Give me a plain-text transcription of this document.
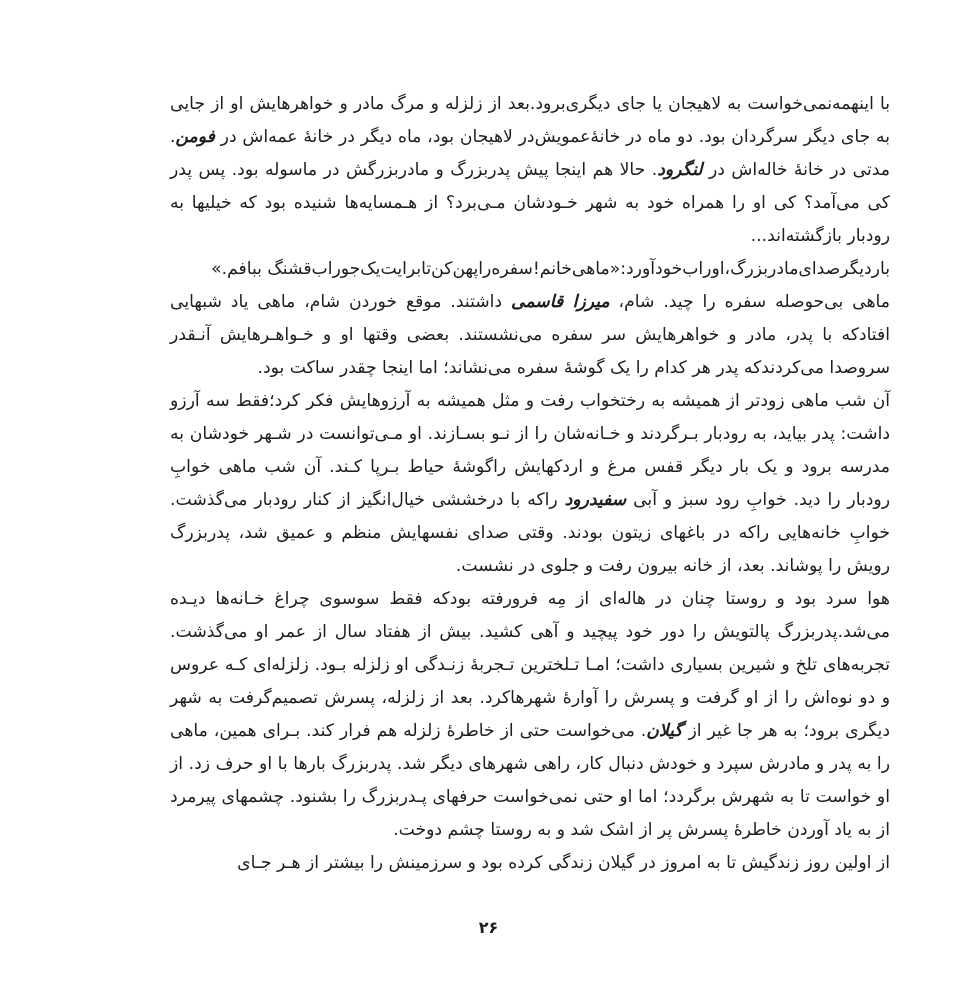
با اینهمه‌نمی‌خواست به لاهیجان یا جای دیگری‌برود.بعد از زلزله و مرگ مادر و خواهرهایش او از جایی به جای دیگر سرگردان بود. دو ماه در خانهٔ‌عمویش‌در لاهیجان بود، ماه دیگر در خانهٔ عمه‌اش در فومن. مدتی در خانهٔ خاله‌اش در لنگرود. حالا هم اینجا پیش پدربزرگ و مادربزرگش در ماسوله بود. پس پدر کی می‌آمد؟ کی او را همراه خود به شهر خـودشان مـی‌برد؟ از هـمسایه‌ها شنیده بود که خیلیها به رودبار بازگشته‌اند...

باردیگرصدای‌مادربزرگ،اوراب‌خودآورد:«ماهی‌خانم!سفره‌راپهن‌کن‌تابرایت‌یک‌جوراب‌قشنگ ببافم.»

ماهی بی‌حوصله سفره را چید. شام، میرزا قاسمی داشتند. موقع خوردن شام، ماهی یاد شبهایی افتاد‌که با پدر، مادر و خواهرهایش سر سفره می‌نشستند. بعضی وقتها او و خـواهـرهایش آنـقدر سروصدا می‌کردند‌که پدر هر کدام را یک گوشهٔ سفره می‌نشاند؛ اما اینجا چقدر ساکت بود.

آن شب ماهی زودتر از همیشه به رختخواب رفت و مثل همیشه به آرزوهایش فکر کرد؛فقط سه آرزو داشت: پدر بیاید، به رودبار بـرگردند و خـانه‌شان را از نـو بسـازند. او مـی‌توانست در شـهر خودشان به مدرسه برود و یک بار دیگر قفس مرغ و اردکهایش راگوشهٔ حیاط بـرپا کـند. آن شب ماهی خوابِ رودبار را دید. خوابِ رود سبز و آبی سفیدرود راکه با درخششی خیال‌انگیز از کنار رودبار می‌گذشت. خوابِ خانه‌هایی راکه در باغهای زیتون بودند. وقتی صدای نفسهایش منظم و عمیق شد، پدربزرگ رویش را پوشاند. بعد، از خانه بیرون رفت و جلوی در نشست.

هوا سرد بود و روستا چنان در هاله‌ای از مِه فرورفته بود‌که فقط سوسوی چراغ خـانه‌ها دیـده می‌شد.پدربزرگ پالتویش را دور خود پیچید و آهی کشید. بیش از هفتاد سال از عمر او می‌گذشت. تجربه‌های تلخ و شیرین بسیاری داشت؛ امـا تـلخترین تـجربهٔ زنـدگی او زلزله بـود. زلزله‌ای کـه عروس و دو نوه‌اش را از او گرفت و پسرش را آوارهٔ شهرهاکرد. بعد از زلزله، پسرش تصمیم‌گرفت به شهر دیگری برود؛ به هر جا غیر از گیلان. می‌خواست حتی از خاطرهٔ زلزله هم فرار کند. بـرای همین، ماهی را به پدر و مادرش سپرد و خودش دنبال کار، راهی شهرهای دیگر شد. پدربزرگ بارها با او حرف زد. از او خواست تا به شهرش برگردد؛ اما او حتی نمی‌خواست حرفهای پـدربزرگ را بشنود. چشمهای پیرمرد از به یاد آوردن خاطرهٔ پسرش پر از اشک شد و به روستا چشم دوخت.

از اولین روز زندگیش تا به امروز در گیلان زندگی کرده بود و سرزمینش را بیشتر از هـر جـای

۲۶
